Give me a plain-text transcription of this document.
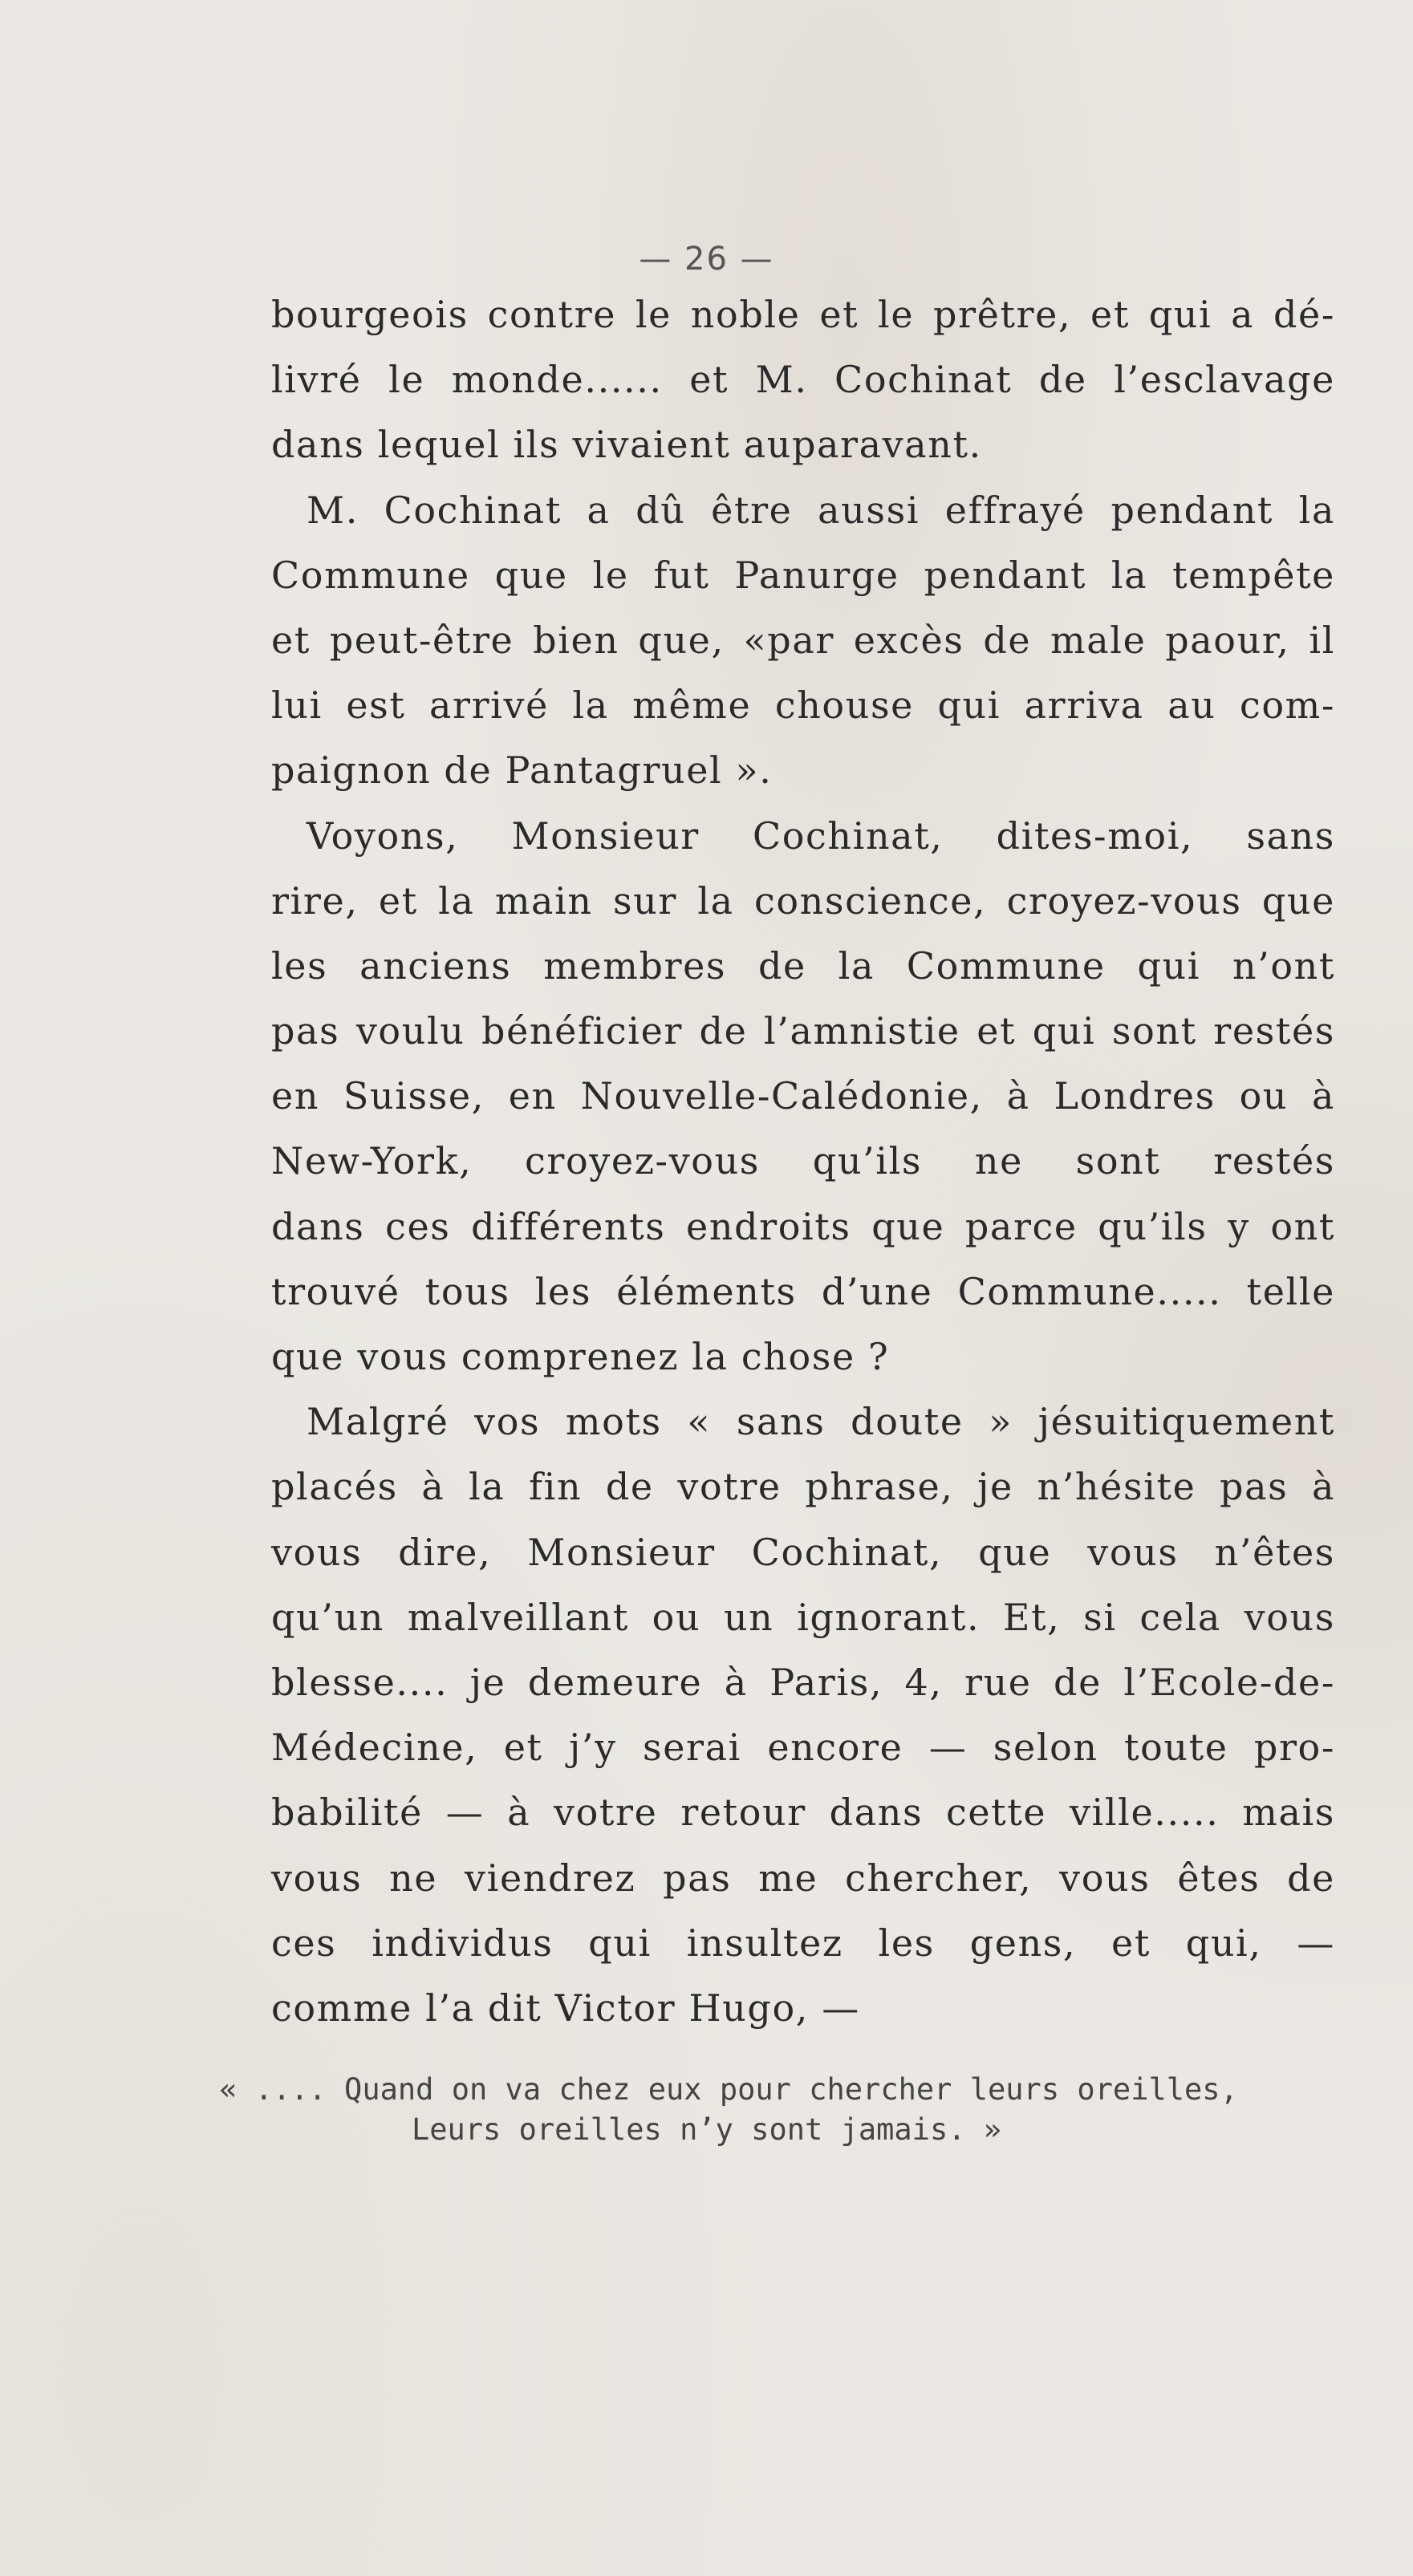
— 26 —
bourgeois contre le noble et le prêtre, et qui a dé-
livré le monde...... et M. Cochinat de l’esclavage
dans lequel ils vivaient auparavant.
M. Cochinat a dû être aussi effrayé pendant la
Commune que le fut Panurge pendant la tempête
et peut-être bien que, «par excès de male paour, il
lui est arrivé la même chouse qui arriva au com-
paignon de Pantagruel ».
Voyons, Monsieur Cochinat, dites-moi, sans
rire, et la main sur la conscience, croyez-vous que
les anciens membres de la Commune qui n’ont
pas voulu bénéficier de l’amnistie et qui sont restés
en Suisse, en Nouvelle-Calédonie, à Londres ou à
New-York, croyez-vous qu’ils ne sont restés
dans ces différents endroits que parce qu’ils y ont
trouvé tous les éléments d’une Commune..... telle
que vous comprenez la chose ?
Malgré vos mots « sans doute » jésuitiquement
placés à la fin de votre phrase, je n’hésite pas à
vous dire, Monsieur Cochinat, que vous n’êtes
qu’un malveillant ou un ignorant. Et, si cela vous
blesse.... je demeure à Paris, 4, rue de l’Ecole-de-
Médecine, et j’y serai encore — selon toute pro-
babilité — à votre retour dans cette ville..... mais
vous ne viendrez pas me chercher, vous êtes de
ces individus qui insultez les gens, et qui, —
comme l’a dit Victor Hugo, —
« .... Quand on va chez eux pour chercher leurs oreilles,
Leurs oreilles n’y sont jamais. »
